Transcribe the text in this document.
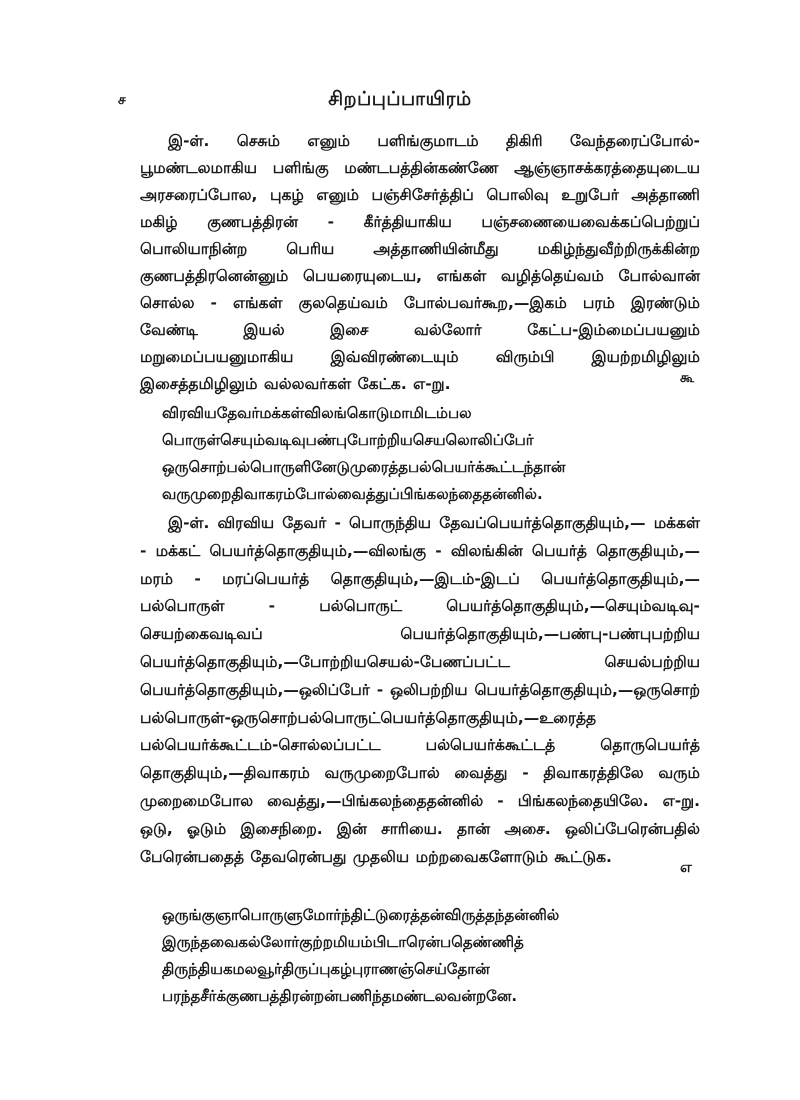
ச	சிறப்புப்பாயிரம்

இ-ள். செசும் எனும் பளிங்குமாடம் திகிரி வேந்தரைப்போல்-பூமண்டலமாகிய பளிங்கு மண்டபத்தின்கண்ணே ஆஞ்ஞாசக்கரத்தையுடைய அரசரைப்போல, புகழ் எனும் பஞ்சிசேர்த்திப் பொலிவு உறுபேர் அத்தாணி மகிழ் குணபத்திரன் - கீர்த்தியாகிய பஞ்சணையைவைக்கப்பெற்றுப் பொலியாநின்ற பெரிய அத்தாணியின்மீது மகிழ்ந்துவீற்றிருக்கின்ற குணபத்திரனென்னும் பெயரையுடைய, எங்கள் வழித்தெய்வம் போல்வான் சொல்ல - எங்கள் குலதெய்வம் போல்பவர்கூற,—இகம் பரம் இரண்டும் வேண்டி இயல் இசை வல்லோர் கேட்ப-இம்மைப்பயனும் மறுமைப்பயனுமாகிய இவ்விரண்டையும் விரும்பி இயற்றமிழிலும் இசைத்தமிழிலும் வல்லவர்கள் கேட்க. எ-று.	கூ
விரவியதேவர்மக்கள்விலங்கொடுமாமிடம்பல
பொருள்செயும்வடிவுபண்புபோற்றியசெயலொலிப்பேர்
ஒருசொற்பல்பொருளினேடுமுரைத்தபல்பெயர்க்கூட்டந்தான்
வருமுறைதிவாகரம்போல்வைத்துப்பிங்கலந்தைதன்னில்.

இ-ள். விரவிய தேவர் - பொருந்திய தேவப்பெயர்த்தொகுதியும்,— மக்கள் - மக்கட் பெயர்த்தொகுதியும்,—விலங்கு - விலங்கின் பெயர்த் தொகுதியும்,—மரம் - மரப்பெயர்த் தொகுதியும்,—இடம்-இடப் பெயர்த்தொகுதியும்,—பல்பொருள் - பல்பொருட் பெயர்த்தொகுதியும்,—செயும்வடிவு-செயற்கைவடிவப் பெயர்த்தொகுதியும்,—பண்பு-பண்புபற்றிய பெயர்த்தொகுதியும்,—போற்றியசெயல்-பேணப்பட்ட செயல்பற்றிய பெயர்த்தொகுதியும்,—ஒலிப்பேர் - ஒலிபற்றிய பெயர்த்தொகுதியும்,—ஒருசொற் பல்பொருள்-ஒருசொற்பல்பொருட்பெயர்த்தொகுதியும்,—உரைத்த பல்பெயர்க்கூட்டம்-சொல்லப்பட்ட பல்பெயர்க்கூட்டத் தொருபெயர்த் தொகுதியும்,—திவாகரம் வருமுறைபோல் வைத்து - திவாகரத்திலே வரும் முறைமைபோல வைத்து,—பிங்கலந்தைதன்னில் - பிங்கலந்தையிலே. எ-று. ஒடு, ஓடும் இசைநிறை. இன் சாரியை. தான் அசை. ஒலிப்பேரென்பதில் பேரென்பதைத் தேவரென்பது முதலிய மற்றவைகளோடும் கூட்டுக.

எ
ஒருங்குஞாபொருளுமோர்ந்திட்டுரைத்தன்விருத்தந்தன்னில்
இருந்தவைகல்லோர்குற்றமியம்பிடாரென்பதெண்ணித்
திருந்தியகமலவூர்திருப்புகழ்புராணஞ்செய்தோன்
பரந்தசீர்க்குணபத்திரன்றன்பணிந்தமண்டலவன்றனே.
